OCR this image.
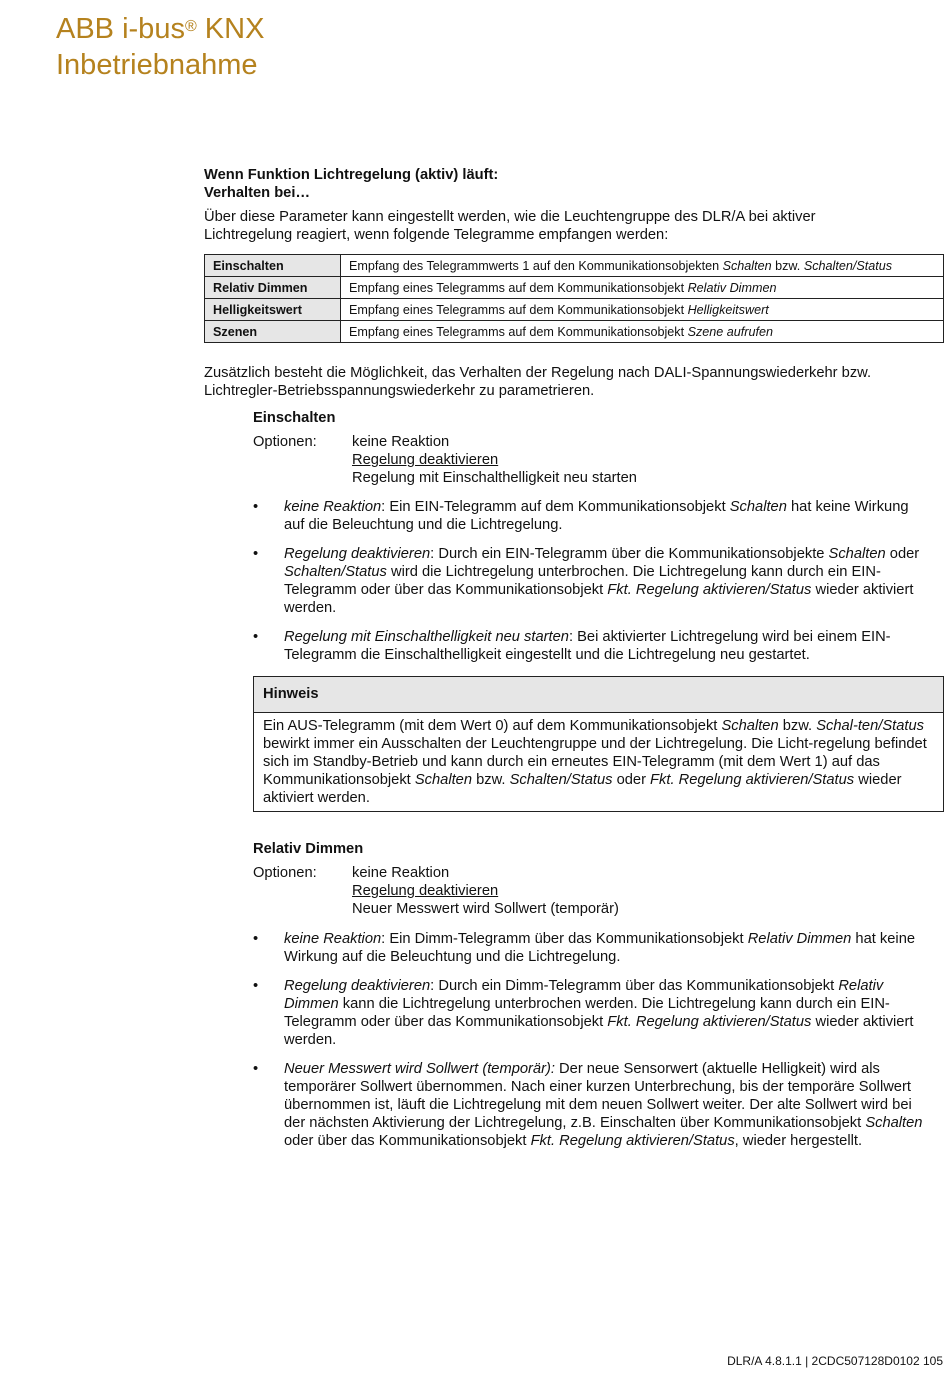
ABB i-bus® KNX
Inbetriebnahme
Wenn Funktion Lichtregelung (aktiv) läuft:
Verhalten bei…
Über diese Parameter kann eingestellt werden, wie die Leuchtengruppe des DLR/A bei aktiver Lichtregelung reagiert, wenn folgende Telegramme empfangen werden:
Einschalten	Empfang des Telegrammwerts 1 auf den Kommunikationsobjekten Schalten bzw. Schalten/Status
Relativ Dimmen	Empfang eines Telegramms auf dem Kommunikationsobjekt Relativ Dimmen
Helligkeitswert	Empfang eines Telegramms auf dem Kommunikationsobjekt Helligkeitswert
Szenen	Empfang eines Telegramms auf dem Kommunikationsobjekt Szene aufrufen
Zusätzlich besteht die Möglichkeit, das Verhalten der Regelung nach DALI-Spannungswiederkehr bzw. Lichtregler-Betriebsspannungswiederkehr zu parametrieren.
Einschalten
Optionen: keine Reaktion
Regelung deaktivieren
Regelung mit Einschalthelligkeit neu starten
• keine Reaktion: Ein EIN-Telegramm auf dem Kommunikationsobjekt Schalten hat keine Wirkung auf die Beleuchtung und die Lichtregelung.
• Regelung deaktivieren: Durch ein EIN-Telegramm über die Kommunikationsobjekte Schalten oder Schalten/Status wird die Lichtregelung unterbrochen. Die Lichtregelung kann durch ein EIN-Telegramm oder über das Kommunikationsobjekt Fkt. Regelung aktivieren/Status wieder aktiviert werden.
• Regelung mit Einschalthelligkeit neu starten: Bei aktivierter Lichtregelung wird bei einem EIN-Telegramm die Einschalthelligkeit eingestellt und die Lichtregelung neu gestartet.
Hinweis
Ein AUS-Telegramm (mit dem Wert 0) auf dem Kommunikationsobjekt Schalten bzw. Schal-ten/Status bewirkt immer ein Ausschalten der Leuchtengruppe und der Lichtregelung. Die Licht-regelung befindet sich im Standby-Betrieb und kann durch ein erneutes EIN-Telegramm (mit dem Wert 1) auf das Kommunikationsobjekt Schalten bzw. Schalten/Status oder Fkt. Regelung aktivieren/Status wieder aktiviert werden.
Relativ Dimmen
Optionen: keine Reaktion
Regelung deaktivieren
Neuer Messwert wird Sollwert (temporär)
• keine Reaktion: Ein Dimm-Telegramm über das Kommunikationsobjekt Relativ Dimmen hat keine Wirkung auf die Beleuchtung und die Lichtregelung.
• Regelung deaktivieren: Durch ein Dimm-Telegramm über das Kommunikationsobjekt Relativ Dimmen kann die Lichtregelung unterbrochen werden. Die Lichtregelung kann durch ein EIN-Telegramm oder über das Kommunikationsobjekt Fkt. Regelung aktivieren/Status wieder aktiviert werden.
• Neuer Messwert wird Sollwert (temporär): Der neue Sensorwert (aktuelle Helligkeit) wird als temporärer Sollwert übernommen. Nach einer kurzen Unterbrechung, bis der temporäre Sollwert übernommen ist, läuft die Lichtregelung mit dem neuen Sollwert weiter. Der alte Sollwert wird bei der nächsten Aktivierung der Lichtregelung, z.B. Einschalten über Kommunikationsobjekt Schalten oder über das Kommunikationsobjekt Fkt. Regelung aktivieren/Status, wieder hergestellt.
DLR/A 4.8.1.1 | 2CDC507128D0102 105
